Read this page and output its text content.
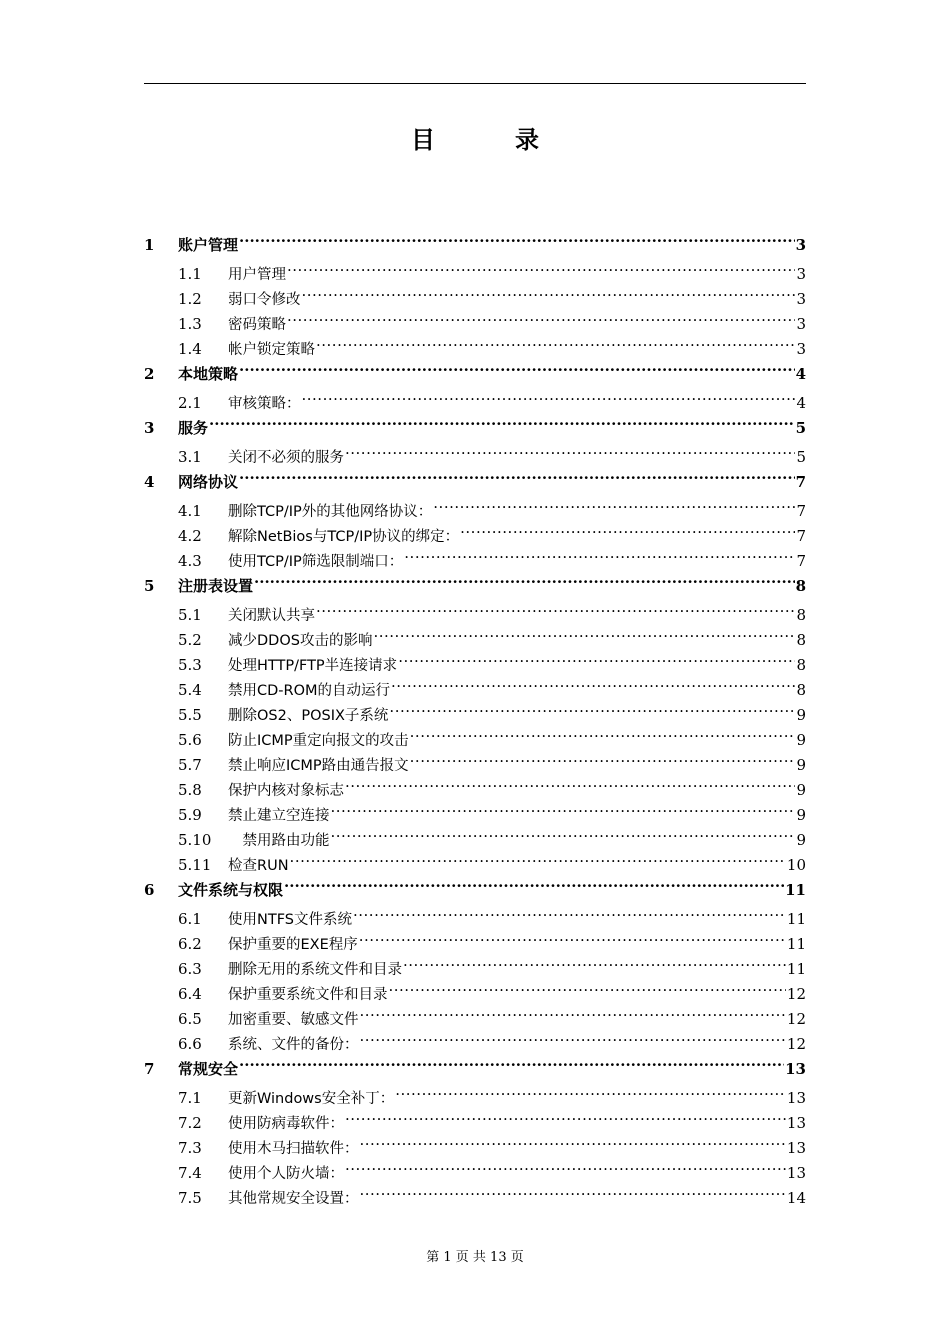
目　录
1	账户管理 .....	3
1.1	用户管理 .....	3
1.2	弱口令修改 .....	3
1.3	密码策略 .....	3
1.4	帐户锁定策略 .....	3
2	本地策略 .....	4
2.1	审核策略： .....	4
3	服务 .....	5
3.1	关闭不必须的服务 .....	5
4	网络协议 .....	7
4.1	删除TCP/IP外的其他网络协议： .....	7
4.2	解除NetBios与TCP/IP协议的绑定： .....	7
4.3	使用TCP/IP筛选限制端口： .....	7
5	注册表设置 .....	8
5.1	关闭默认共享 .....	8
5.2	减少DDOS攻击的影响 .....	8
5.3	处理HTTP/FTP半连接请求 .....	8
5.4	禁用CD-ROM的自动运行 .....	8
5.5	删除OS2、POSIX子系统 .....	9
5.6	防止ICMP重定向报文的攻击 .....	9
5.7	禁止响应ICMP路由通告报文 .....	9
5.8	保护内核对象标志 .....	9
5.9	禁止建立空连接 .....	9
5.10	　禁用路由功能 .....	9
5.11	检查RUN .....	10
6	文件系统与权限 .....	11
6.1	使用NTFS文件系统 .....	11
6.2	保护重要的EXE程序 .....	11
6.3	删除无用的系统文件和目录 .....	11
6.4	保护重要系统文件和目录 .....	12
6.5	加密重要、敏感文件 .....	12
6.6	系统、文件的备份： .....	12
7	常规安全 .....	13
7.1	更新Windows安全补丁： .....	13
7.2	使用防病毒软件： .....	13
7.3	使用木马扫描软件： .....	13
7.4	使用个人防火墙： .....	13
7.5	其他常规安全设置： .....	14
第 1 页 共 13 页
